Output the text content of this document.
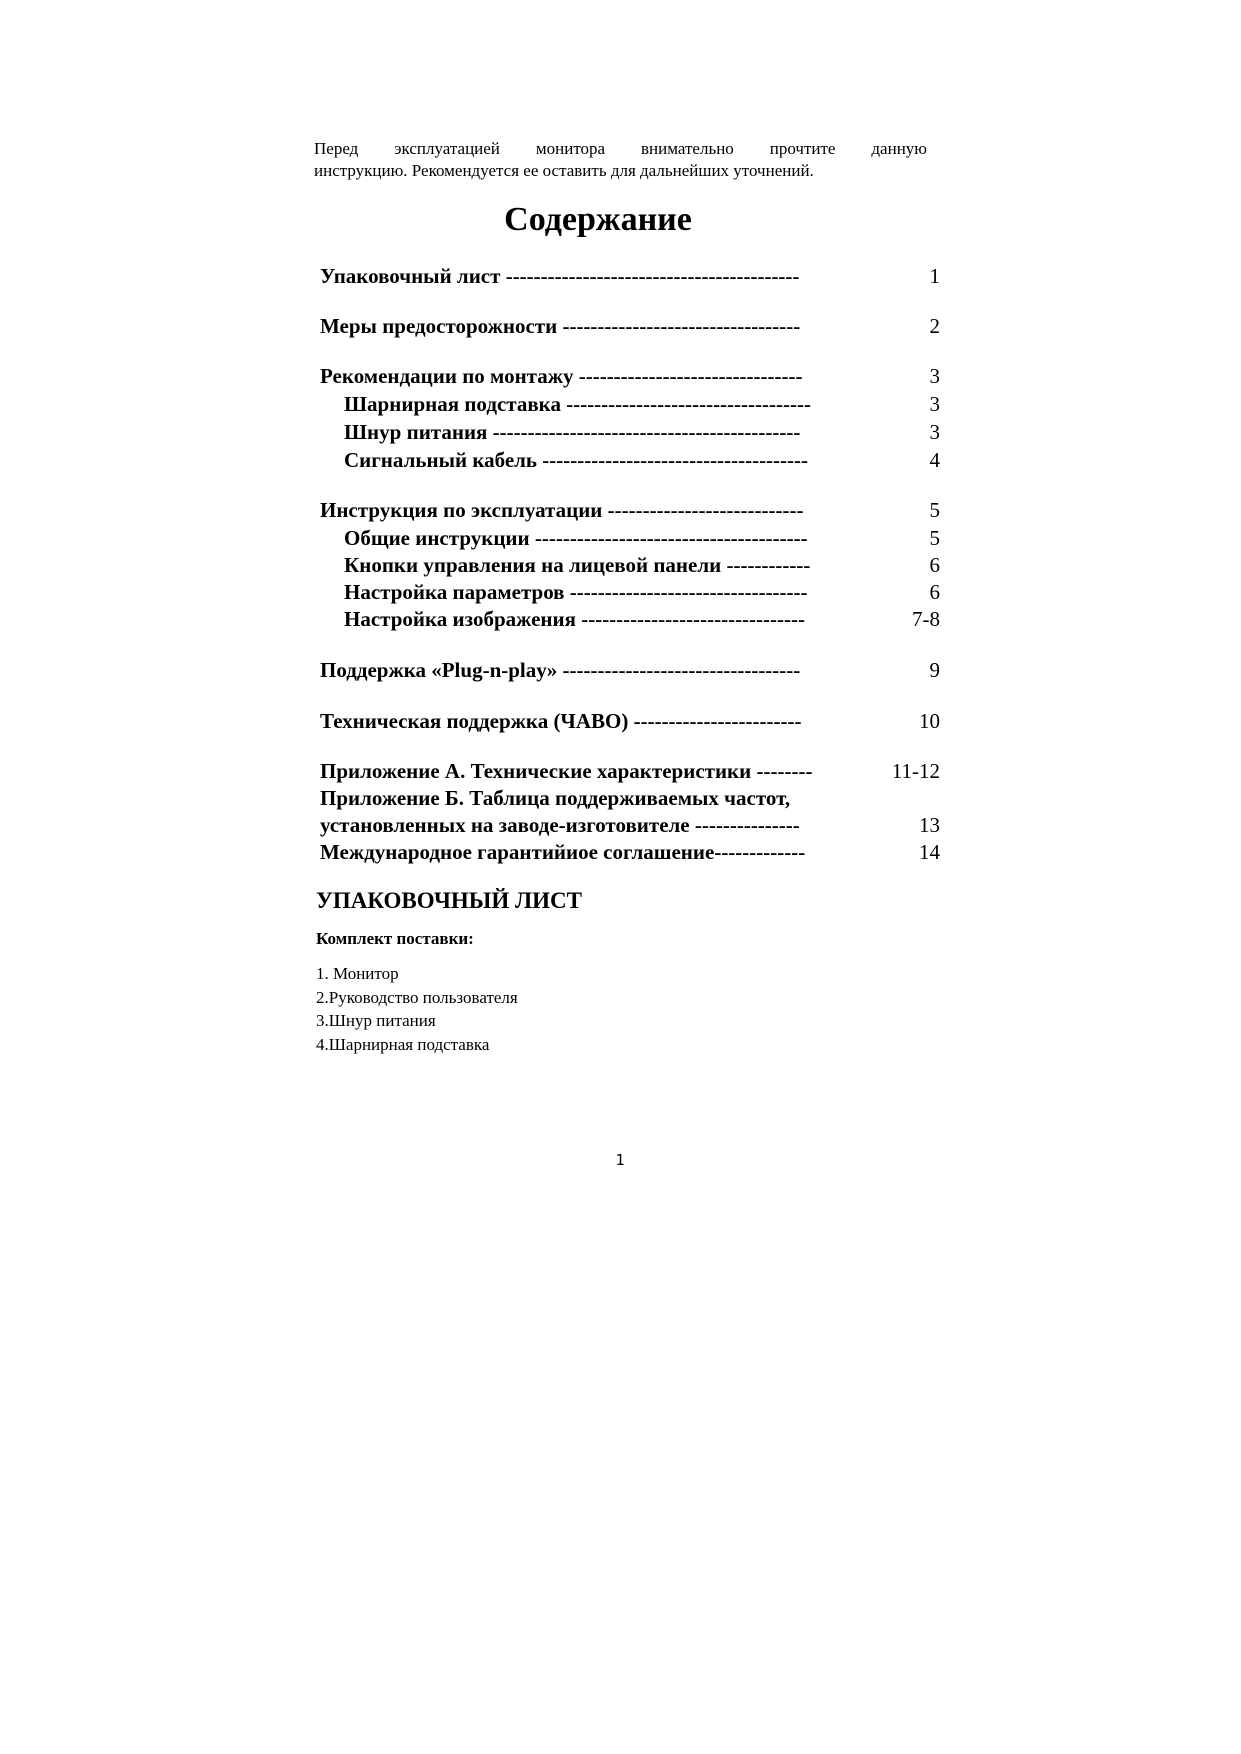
Перед эксплуатацией монитора внимательно прочтите данную

инструкцию. Рекомендуется ее оставить для дальнейших уточнений.

Содержание
Упаковочный лист ------------------------------------------	1
Меры предосторожности ----------------------------------	2
Рекомендации по монтажу --------------------------------	3
Шарнирная подставка -----------------------------------	3
Шнур питания --------------------------------------------	3
Сигнальный кабель --------------------------------------	4
Инструкция по эксплуатации ----------------------------	5
Общие инструкции ---------------------------------------	5
Кнопки управления на лицевой панели ------------	6
Настройка параметров ----------------------------------	6
Настройка изображения --------------------------------	7-8
Поддержка «Plug-n-play» ----------------------------------	9
Техническая поддержка (ЧАВО) ------------------------	10
Приложение А. Технические характеристики --------	11-12
Приложение Б. Таблица поддерживаемых частот,
установленных на заводе-изготовителе ---------------	13
Международное гарантийиое соглашение-------------	14
УПАКОВОЧНЫЙ ЛИСТ

Комплект поставки:

1. Монитор
2.Руководство пользователя
3.Шнур питания
4.Шарнирная подставка
1
